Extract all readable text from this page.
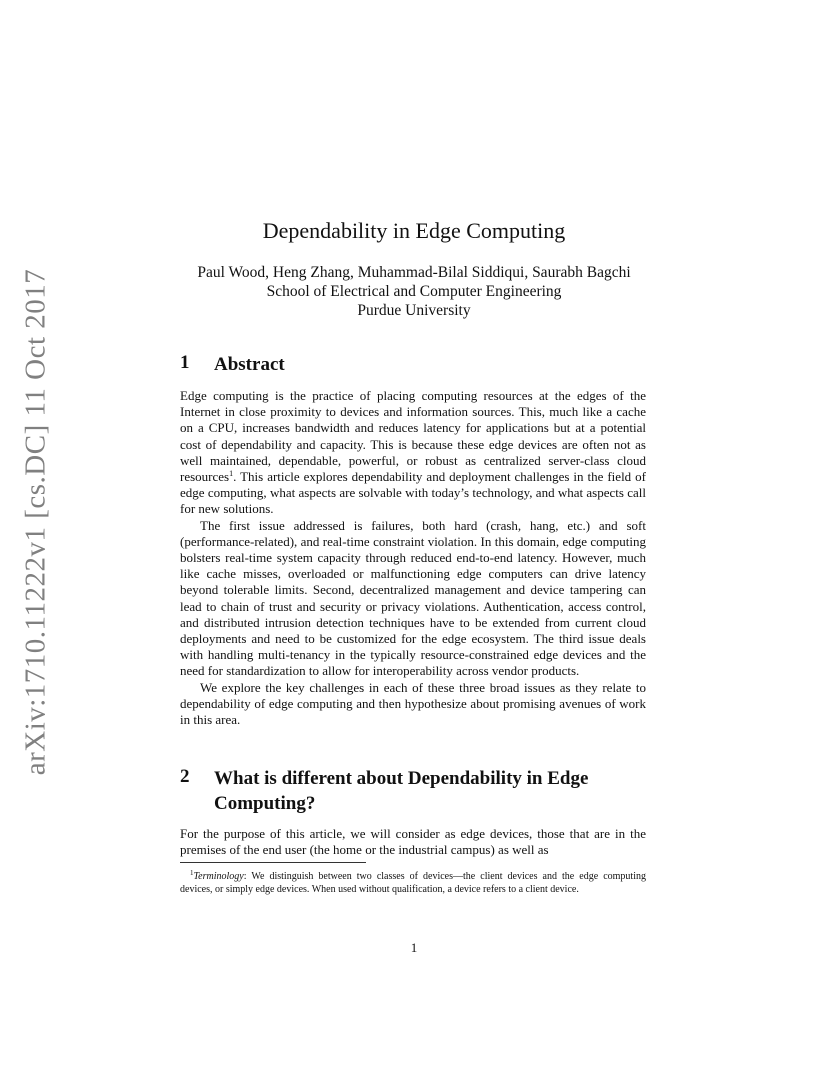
arXiv:1710.11222v1 [cs.DC] 11 Oct 2017
Dependability in Edge Computing
Paul Wood, Heng Zhang, Muhammad-Bilal Siddiqui, Saurabh Bagchi
School of Electrical and Computer Engineering
Purdue University
1 Abstract

Edge computing is the practice of placing computing resources at the edges of the Internet in close proximity to devices and information sources. This, much like a cache on a CPU, increases bandwidth and reduces latency for applications but at a potential cost of dependability and capacity. This is because these edge devices are often not as well maintained, dependable, powerful, or robust as centralized server-class cloud resources$^1$. This article explores dependability and deployment challenges in the field of edge computing, what aspects are solvable with today’s technology, and what aspects call for new solutions.

The first issue addressed is failures, both hard (crash, hang, etc.) and soft (performance-related), and real-time constraint violation. In this domain, edge computing bolsters real-time system capacity through reduced end-to-end latency. However, much like cache misses, overloaded or malfunctioning edge computers can drive latency beyond tolerable limits. Second, decentralized management and device tampering can lead to chain of trust and security or privacy violations. Authentication, access control, and distributed intrusion detection techniques have to be extended from current cloud deployments and need to be customized for the edge ecosystem. The third issue deals with handling multi-tenancy in the typically resource-constrained edge devices and the need for standardization to allow for interoperability across vendor products.

We explore the key challenges in each of these three broad issues as they relate to dependability of edge computing and then hypothesize about promising avenues of work in this area.

2 What is different about Dependability in Edge Computing?

For the purpose of this article, we will consider as edge devices, those that are in the premises of the end user (the home or the industrial campus) as well as

$^1$Terminology: We distinguish between two classes of devices—the client devices and the edge computing devices, or simply edge devices. When used without qualification, a device refers to a client device.
1
